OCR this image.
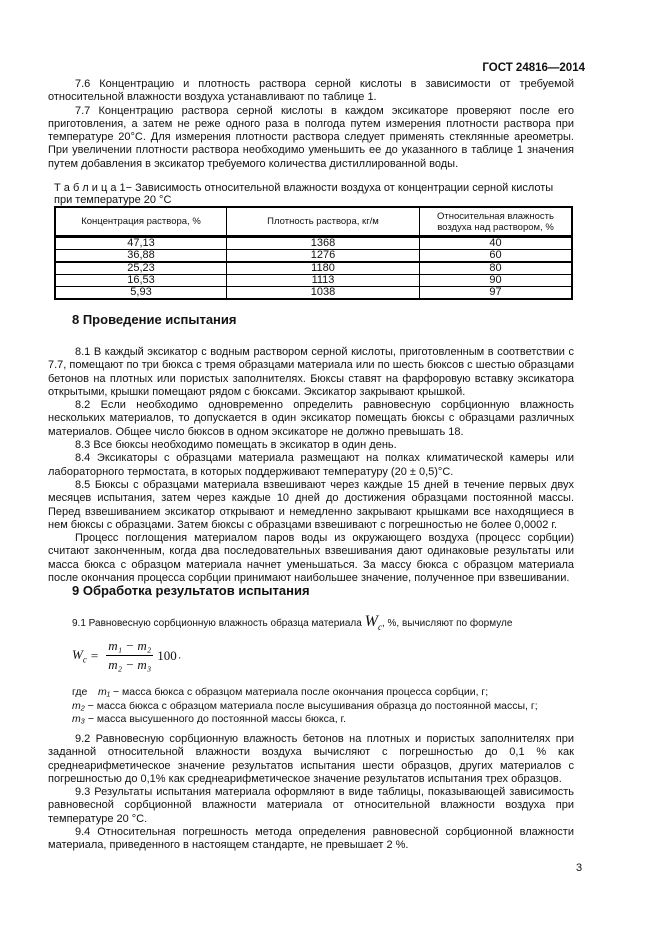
ГОСТ 24816—2014

7.6 Концентрацию и плотность раствора серной кислоты в зависимости от требуемой относительной влажности воздуха устанавливают по таблице 1.

7.7 Концентрацию раствора серной кислоты в каждом эксикаторе проверяют после его приготовления, а затем не реже одного раза в полгода путем измерения плотности раствора при температуре 20°С. Для измерения плотности раствора следует применять стеклянные ареометры. При увеличении плотности раствора необходимо уменьшить ее до указанного в таблице 1 значения путем добавления в эксикатор требуемого количества дистиллированной воды.

Т а б л и ц а 1− Зависимость относительной влажности воздуха от концентрации серной кислоты при температуре 20 °С
Концентрация раствора, %	Плотность раствора, кг/м	Относительная влажность воздуха над раствором, %
47,13	1368	40
36,88	1276	60
25,23	1180	80
16,53	1113	90
5,93	1038	97
8 Проведение испытания

8.1 В каждый эксикатор с водным раствором серной кислоты, приготовленным в соответствии с 7.7, помещают по три бюкса с тремя образцами материала или по шесть бюксов с шестью образцами бетонов на плотных или пористых заполнителях. Бюксы ставят на фарфоровую вставку эксикатора открытыми, крышки помещают рядом с бюксами. Эксикатор закрывают крышкой.

8.2 Если необходимо одновременно определить равновесную сорбционную влажность нескольких материалов, то допускается в один эксикатор помещать бюксы с образцами различных материалов. Общее число бюксов в одном эксикаторе не должно превышать 18.

8.3 Все бюксы необходимо помещать в эксикатор в один день.

8.4 Эксикаторы с образцами материала размещают на полках климатической камеры или лабораторного термостата, в которых поддерживают температуру (20 ± 0,5)°С.

8.5 Бюксы с образцами материала взвешивают через каждые 15 дней в течение первых двух месяцев испытания, затем через каждые 10 дней до достижения образцами постоянной массы. Перед взвешиванием эксикатор открывают и немедленно закрывают крышками все находящиеся в нем бюксы с образцами. Затем бюксы с образцами взвешивают с погрешностью не более 0,0002 г.

Процесс поглощения материалом паров воды из окружающего воздуха (процесс сорбции) считают законченным, когда два последовательных взвешивания дают одинаковые результаты или масса бюкса с образцом материала начнет уменьшаться. За массу бюкса с образцом материала после окончания процесса сорбции принимают наибольшее значение, полученное при взвешивании.

9 Обработка результатов испытания
9.1 Равновесную сорбционную влажность образца материала $W_c$, %, вычисляют по формуле
$W_c = \frac{\text{m₁ − m₂}}{\text{m₂ − m₃}} 100$ ,
где m₁ − масса бюкса с образцом материала после окончания процесса сорбции, г;
m₂ − масса бюкса с образцом материала после высушивания образца до постоянной массы, г;
m₃ − масса высушенного до постоянной массы бюкса, г.

9.2 Равновесную сорбционную влажность бетонов на плотных и пористых заполнителях при заданной относительной влажности воздуха вычисляют с погрешностью до 0,1 % как среднеарифметическое значение результатов испытания шести образцов, других материалов с погрешностью до 0,1% как среднеарифметическое значение результатов испытания трех образцов.

9.3 Результаты испытания материала оформляют в виде таблицы, показывающей зависимость равновесной сорбционной влажности материала от относительной влажности воздуха при температуре 20 °С.

9.4 Относительная погрешность метода определения равновесной сорбционной влажности материала, приведенного в настоящем стандарте, не превышает 2 %.

3
